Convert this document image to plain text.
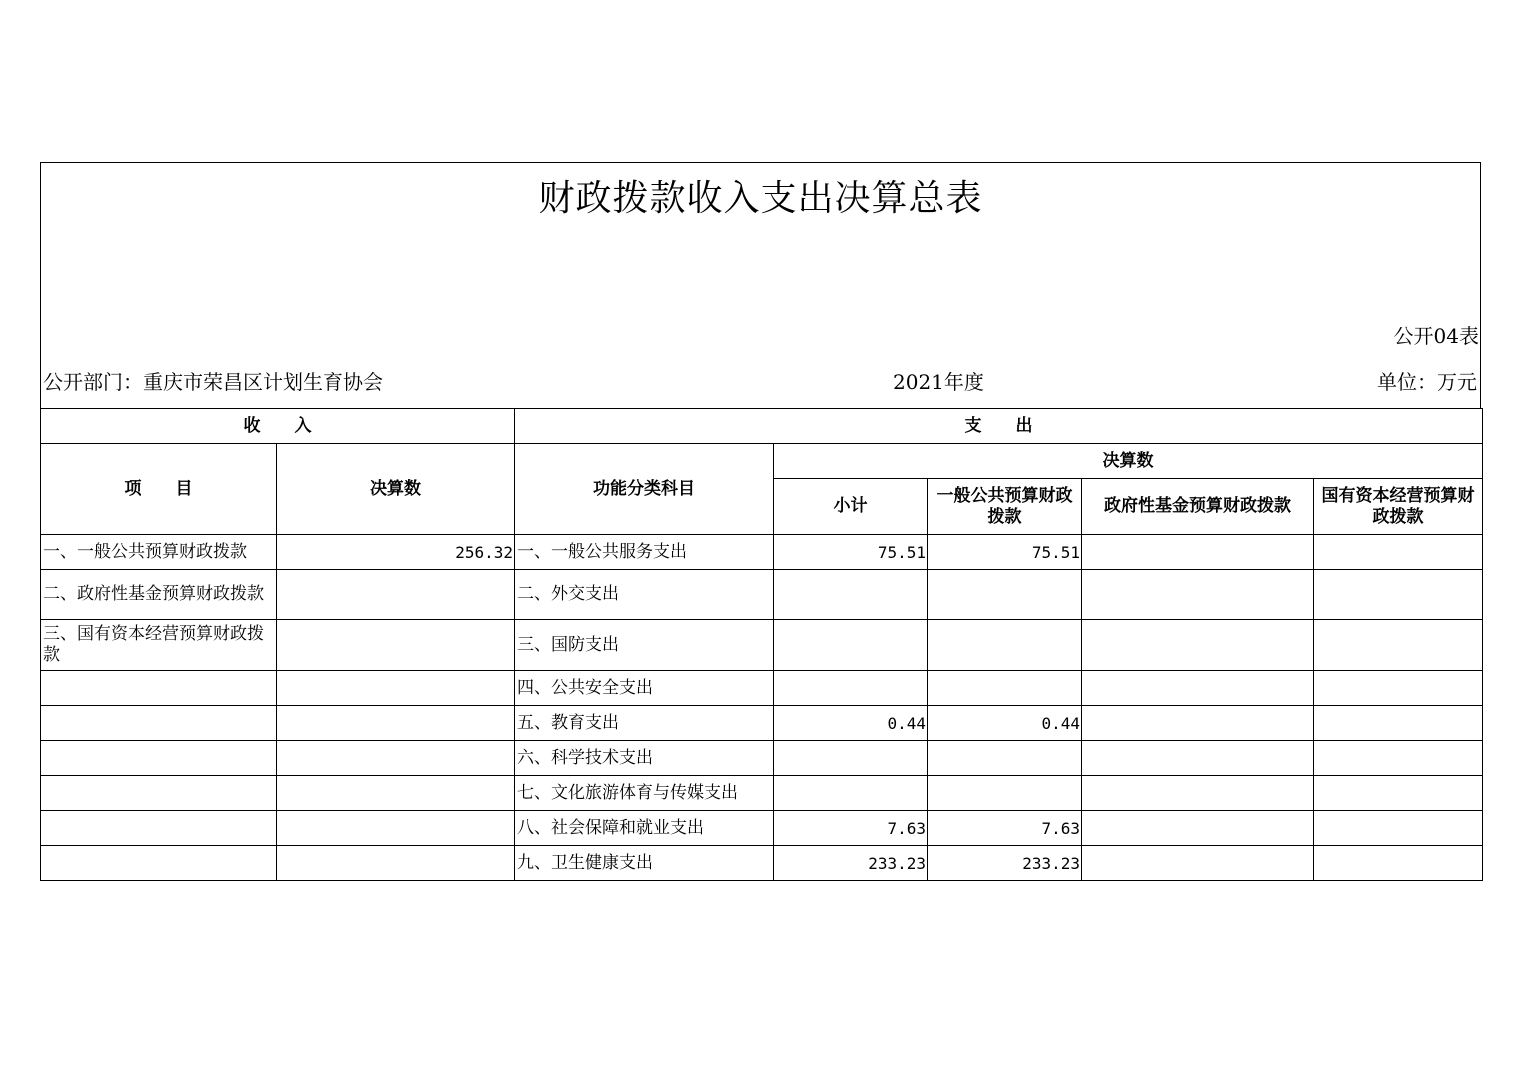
财政拨款收入支出决算总表
公开04表
公开部门：重庆市荣昌区计划生育协会	2021年度	单位：万元
收　　入		支　　出				
项　　目	决算数	功能分类科目	决算数			
			小计	一般公共预算财政拨款	政府性基金预算财政拨款	国有资本经营预算财政拨款
一、一般公共预算财政拨款	256.32	一、一般公共服务支出	75.51	75.51		
二、政府性基金预算财政拨款		二、外交支出				
三、国有资本经营预算财政拨款		三、国防支出				
		四、公共安全支出				
		五、教育支出	0.44	0.44		
		六、科学技术支出				
		七、文化旅游体育与传媒支出				
		八、社会保障和就业支出	7.63	7.63		
		九、卫生健康支出	233.23	233.23		
